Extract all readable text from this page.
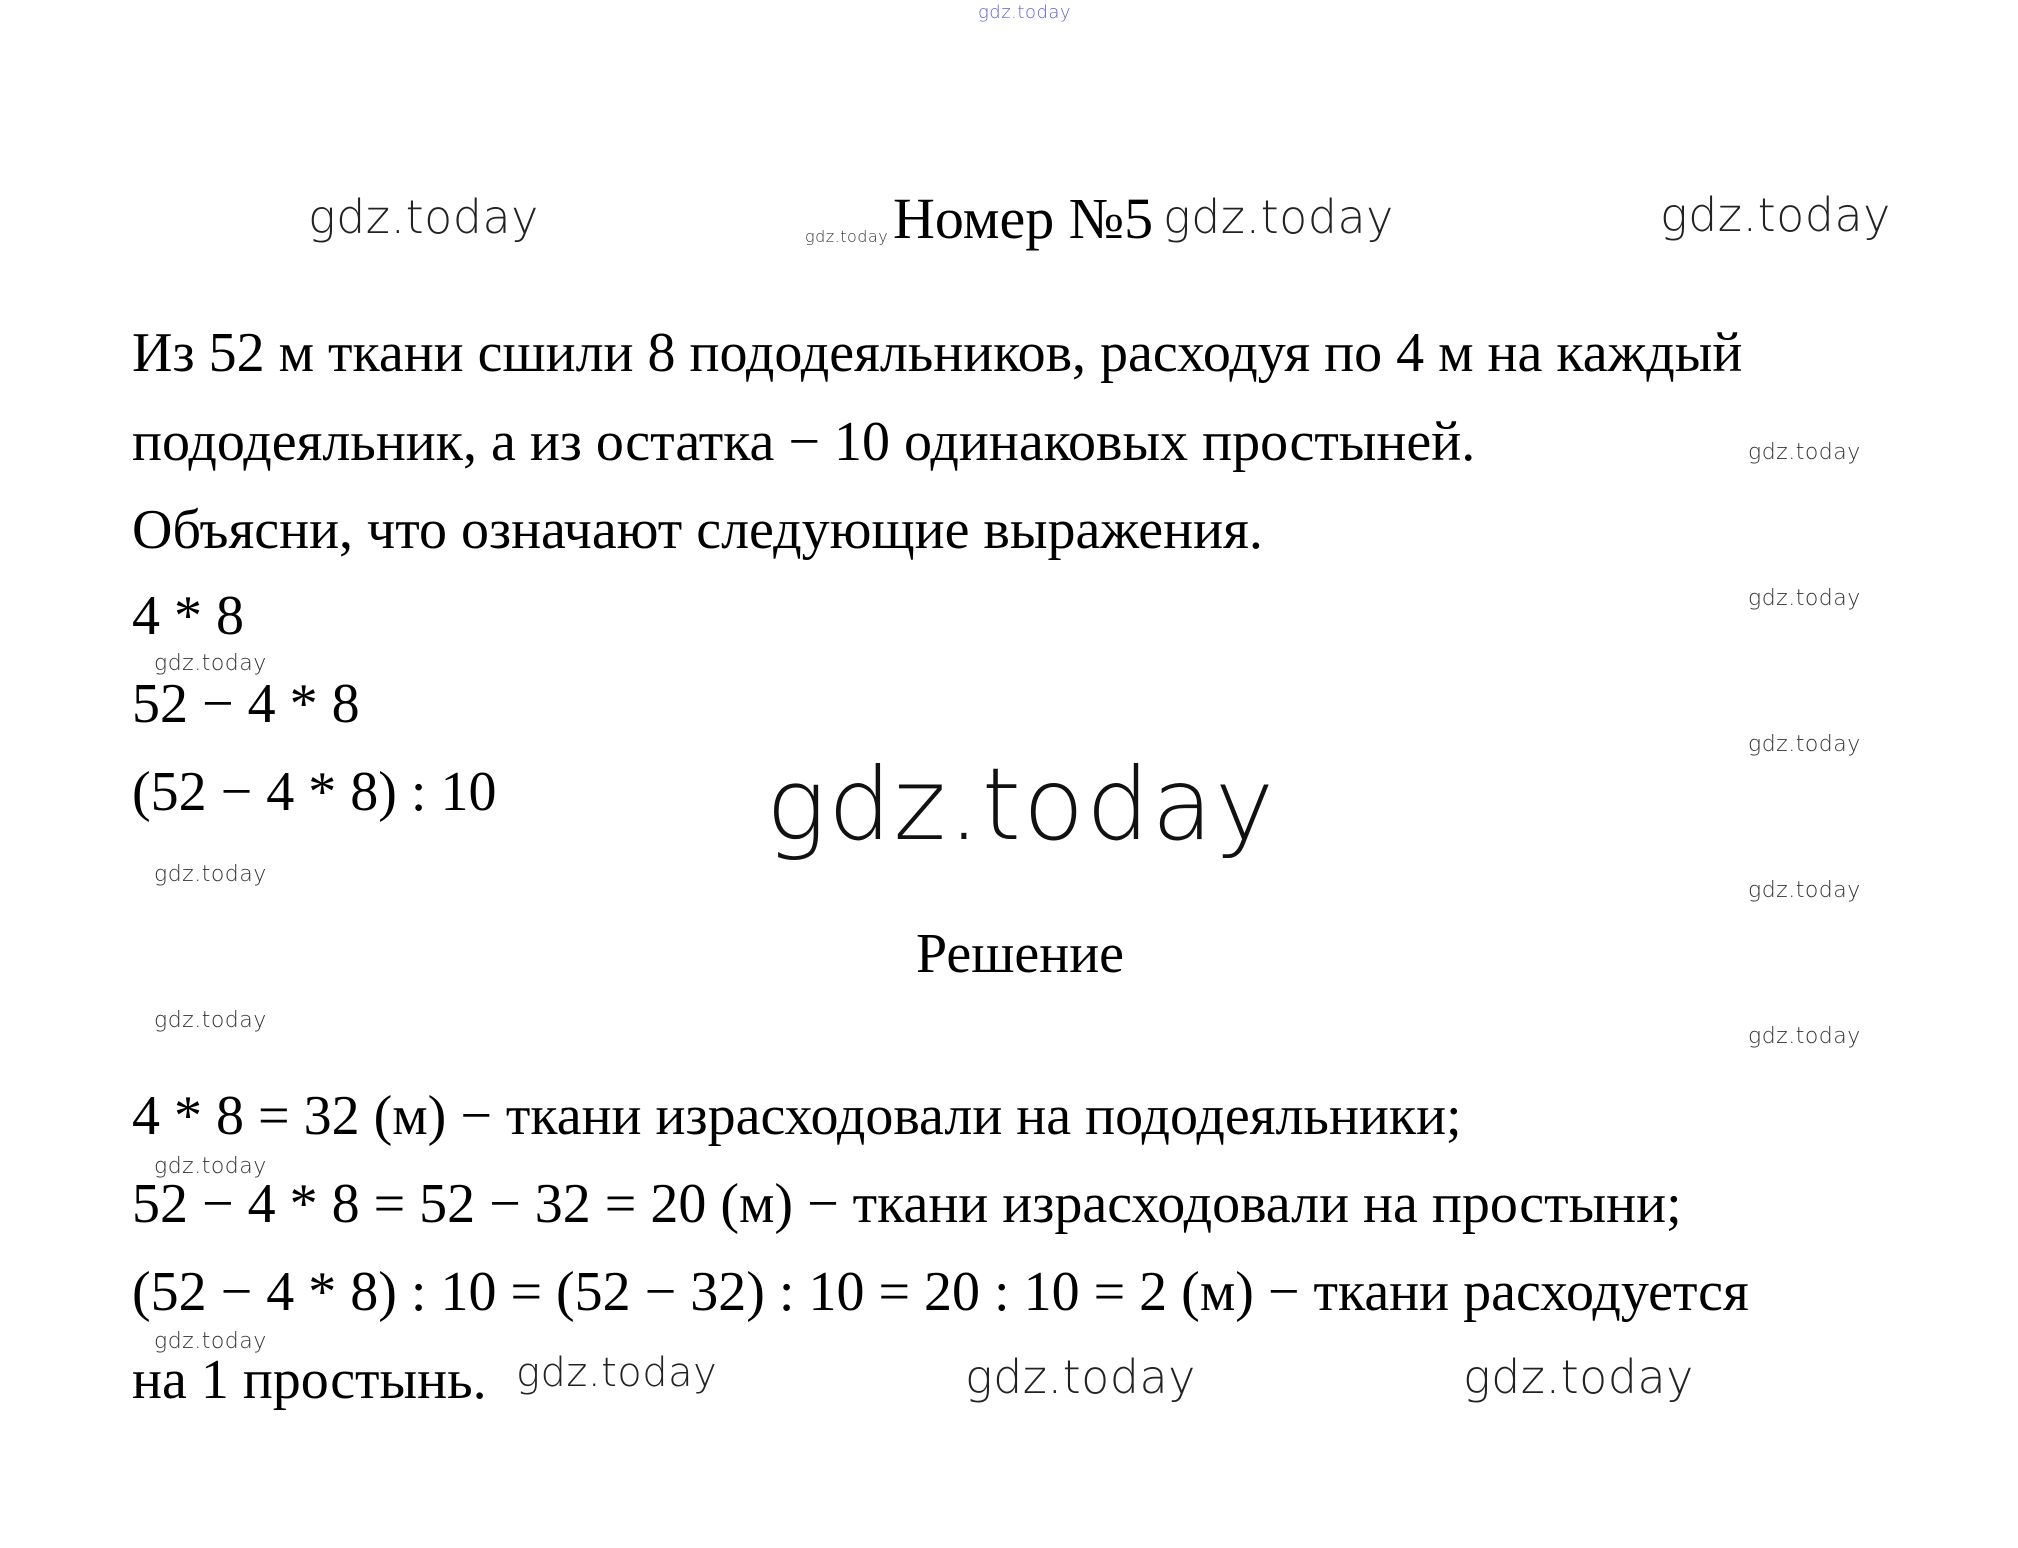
gdz.today
gdz.today	gdz.today Номер №5 gdz.today	gdz.today
Из 52 м ткани сшили 8 пододеяльников, расходуя по 4 м на каждый
пододеяльник, а из остатка − 10 одинаковых простыней.
Объясни, что означают следующие выражения.
4 * 8
52 − 4 * 8
(52 − 4 * 8) : 10
gdz.today
gdz.today
gdz.today
gdz.today
gdz.today
gdz.today
gdz.today
gdz.today
gdz.today
gdz.today
gdz.today
Решение
4 * 8 = 32 (м) − ткани израсходовали на пододеяльники;
52 − 4 * 8 = 52 − 32 = 20 (м) − ткани израсходовали на простыни;
(52 − 4 * 8) : 10 = (52 − 32) : 10 = 20 : 10 = 2 (м) − ткани расходуется
на 1 простынь. gdz.today	gdz.today	gdz.today
